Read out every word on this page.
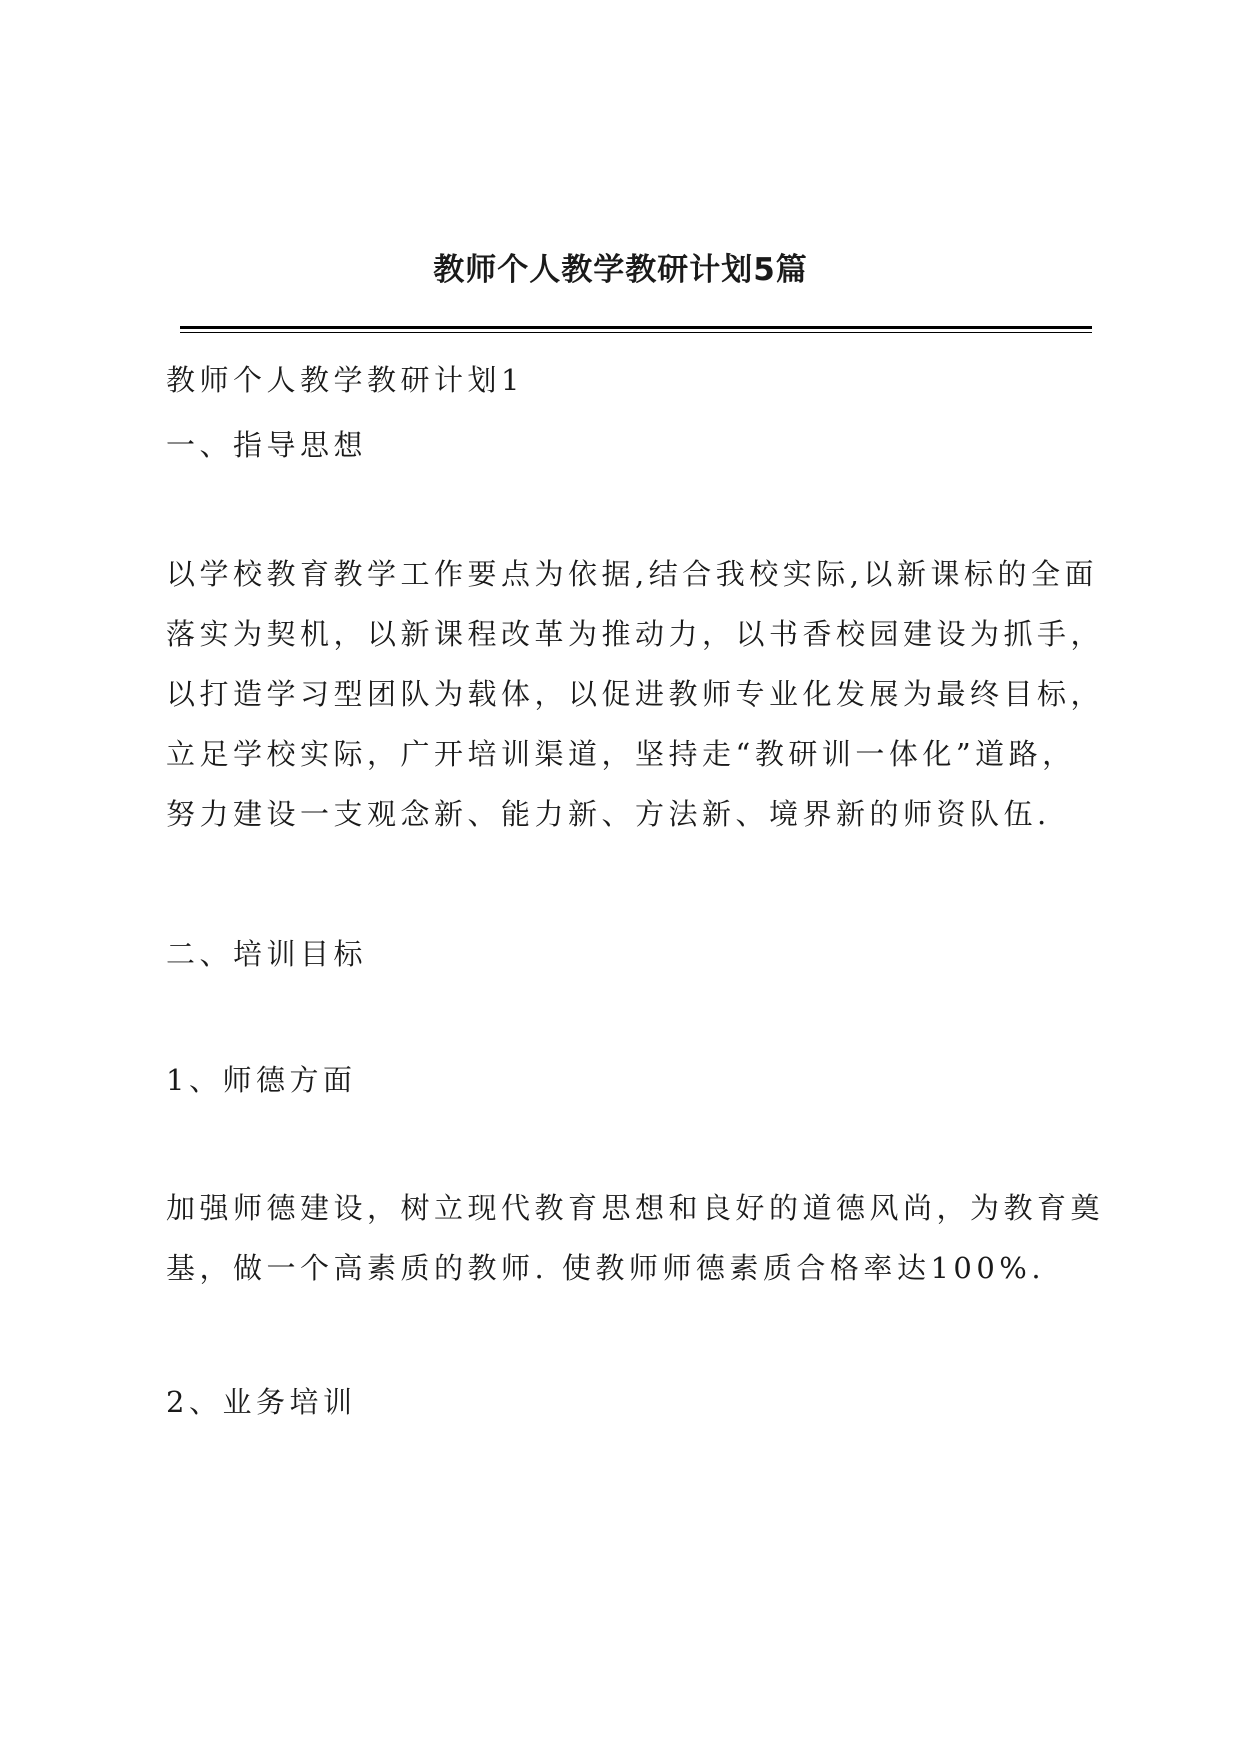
教师个人教学教研计划5篇
教师个人教学教研计划1
一、指导思想
以学校教育教学工作要点为依据,结合我校实际,以新课标的全面
落实为契机，以新课程改革为推动力，以书香校园建设为抓手，
以打造学习型团队为载体，以促进教师专业化发展为最终目标，
立足学校实际，广开培训渠道，坚持走“教研训一体化”道路，
努力建设一支观念新、能力新、方法新、境界新的师资队伍.
二、培训目标
1、师德方面
加强师德建设，树立现代教育思想和良好的道德风尚，为教育奠
基，做一个高素质的教师. 使教师师德素质合格率达100%.
2、业务培训
